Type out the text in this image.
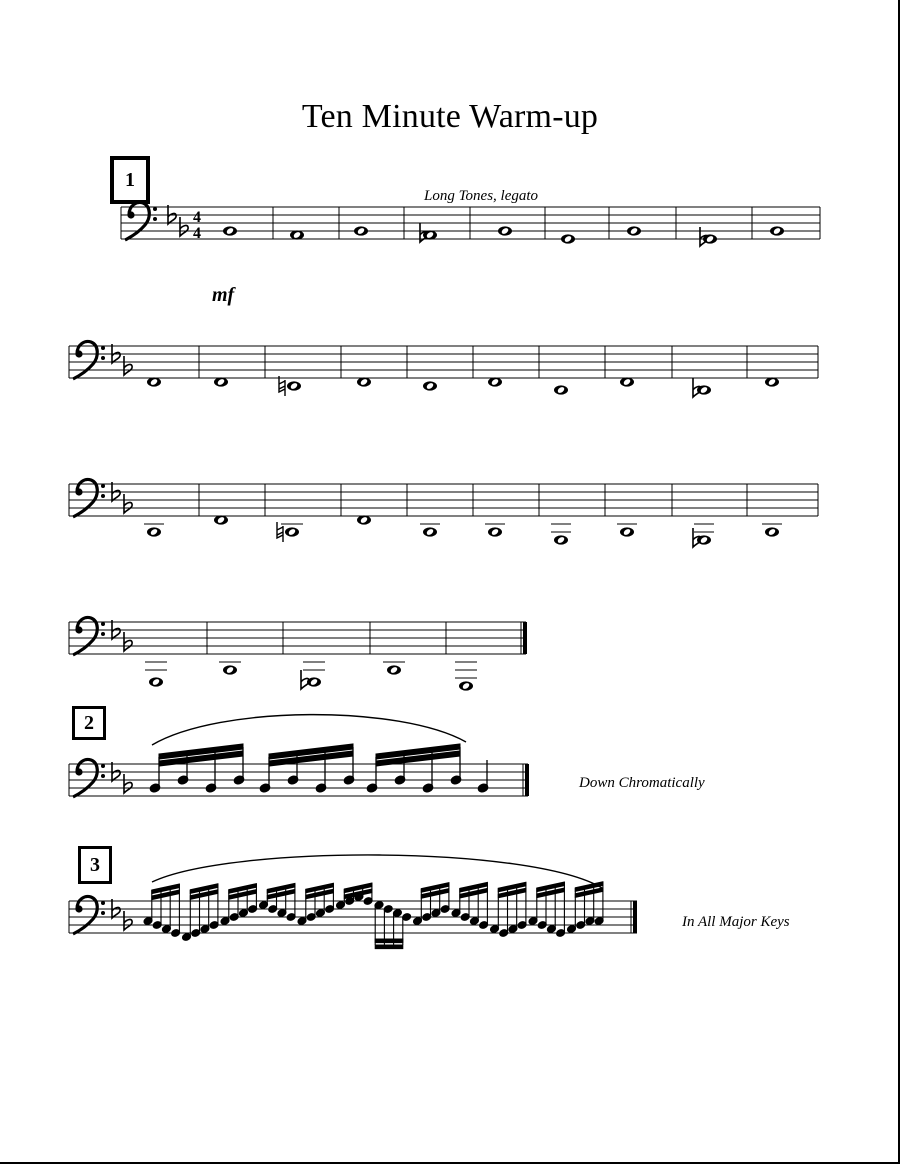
Ten Minute Warm-up
1
Long Tones, legato
mf
4
4
2
Down Chromatically
3
In All Major Keys
